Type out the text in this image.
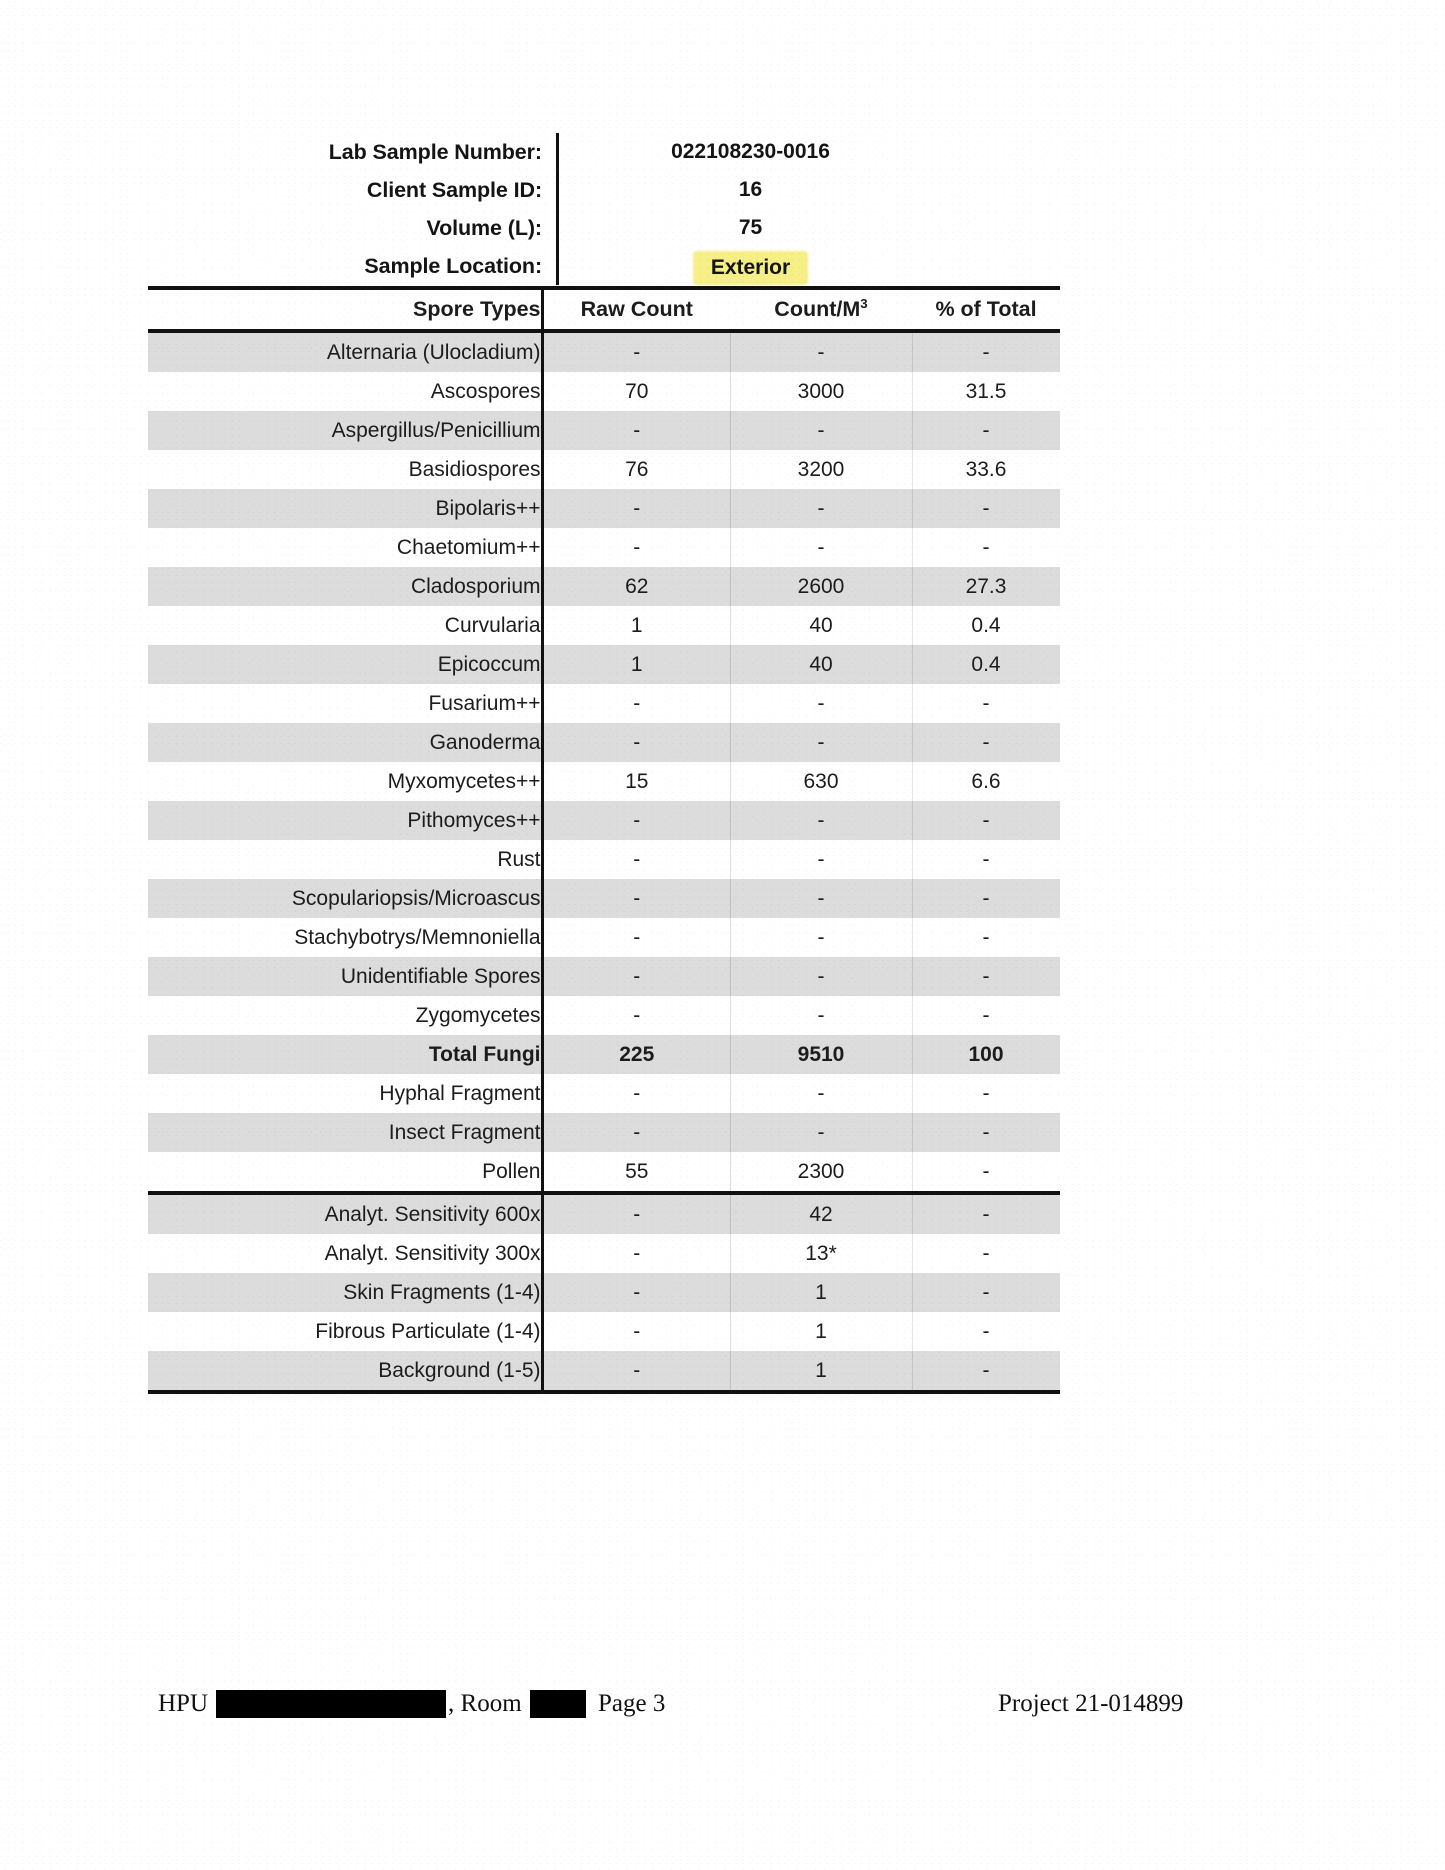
Lab Sample Number:	022108230-0016
Client Sample ID:	16
Volume (L):	75
Sample Location:	Exterior
Spore Types	Raw Count	Count/$M^3$	% of Total
Alternaria (Ulocladium)	-	-	-
Ascospores	70	3000	31.5
Aspergillus/Penicillium	-	-	-
Basidiospores	76	3200	33.6
Bipolaris++	-	-	-
Chaetomium++	-	-	-
Cladosporium	62	2600	27.3
Curvularia	1	40	0.4
Epicoccum	1	40	0.4
Fusarium++	-	-	-
Ganoderma	-	-	-
Myxomycetes++	15	630	6.6
Pithomyces++	-	-	-
Rust	-	-	-
Scopulariopsis/Microascus	-	-	-
Stachybotrys/Memnoniella	-	-	-
Unidentifiable Spores	-	-	-
Zygomycetes	-	-	-
Total Fungi	225	9510	100
Hyphal Fragment	-	-	-
Insect Fragment	-	-	-
Pollen	55	2300	-
Analyt. Sensitivity 600x	-	42	-
Analyt. Sensitivity 300x	-	13*	-
Skin Fragments (1-4)	-	1	-
Fibrous Particulate (1-4)	-	1	-
Background (1-5)	-	1	-
HPU	, Room	Page 3	Project 21-014899
